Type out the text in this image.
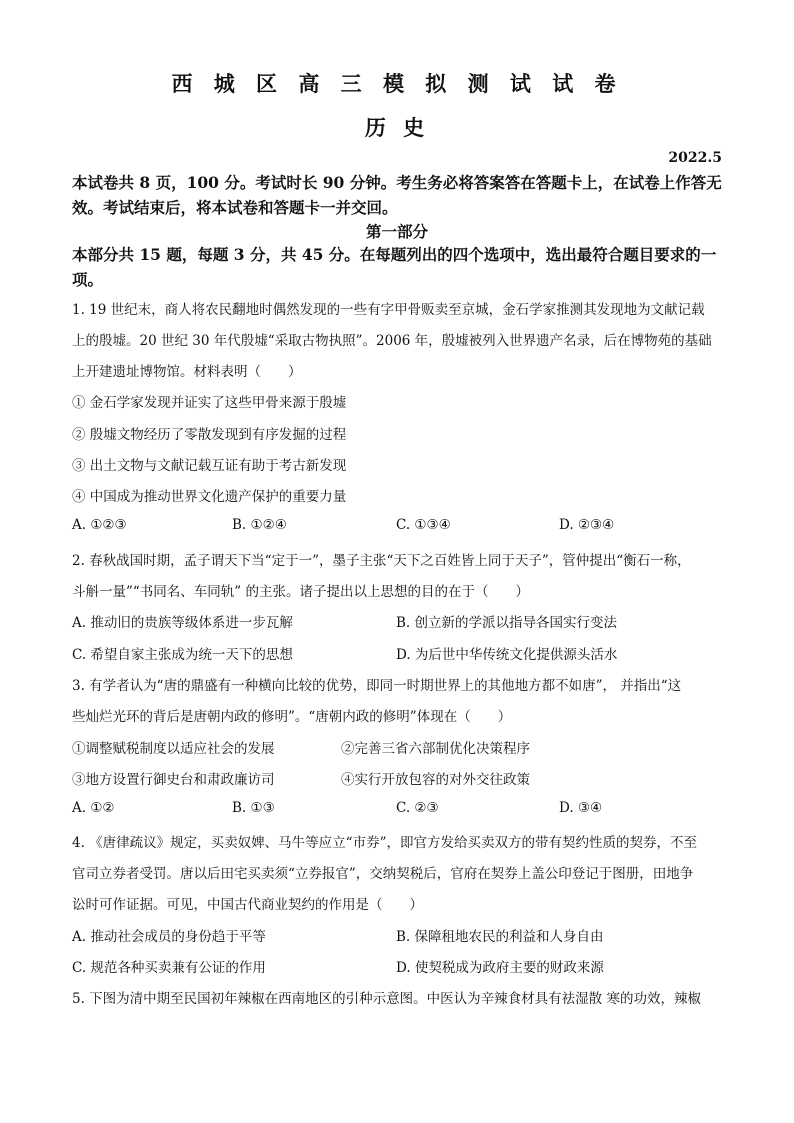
西 城 区 高 三 模 拟 测 试 试 卷
历 史
2022.5
本试卷共 8 页，100 分。考试时长 90 分钟。考生务必将答案答在答题卡上，在试卷上作答无效。考试结束后，将本试卷和答题卡一并交回。
第一部分
本部分共 15 题，每题 3 分，共 45 分。在每题列出的四个选项中，选出最符合题目要求的一项。
1. 19 世纪末，商人将农民翻地时偶然发现的一些有字甲骨贩卖至京城，金石学家推测其发现地为文献记载
上的殷墟。20 世纪 30 年代殷墟“采取古物执照”。2006 年，殷墟被列入世界遗产名录，后在博物苑的基础
上开建遗址博物馆。材料表明（　　）
① 金石学家发现并证实了这些甲骨来源于殷墟
② 殷墟文物经历了零散发现到有序发掘的过程
③ 出土文物与文献记载互证有助于考古新发现
④ 中国成为推动世界文化遗产保护的重要力量
A. ①②③	B. ①②④	C. ①③④	D. ②③④
2. 春秋战国时期，孟子谓天下当“定于一”，墨子主张“天下之百姓皆上同于天子”，管仲提出“衡石一称，
斗斛一量”“书同名、车同轨” 的主张。诸子提出以上思想的目的在于（　　）
A. 推动旧的贵族等级体系进一步瓦解	B. 创立新的学派以指导各国实行变法
C. 希望自家主张成为统一天下的思想	D. 为后世中华传统文化提供源头活水
3. 有学者认为“唐的鼎盛有一种横向比较的优势，即同一时期世界上的其他地方都不如唐”， 并指出“这
些灿烂光环的背后是唐朝内政的修明”。“唐朝内政的修明”体现在（　　）
①调整赋税制度以适应社会的发展	②完善三省六部制优化决策程序
③地方设置行御史台和肃政廉访司	④实行开放包容的对外交往政策
A. ①②	B. ①③	C. ②③	D. ③④
4. 《唐律疏议》规定，买卖奴婢、马牛等应立“市券”，即官方发给买卖双方的带有契约性质的契券，不至
官司立券者受罚。唐以后田宅买卖须“立券报官”，交纳契税后，官府在契券上盖公印登记于图册，田地争
讼时可作证据。可见，中国古代商业契约的作用是（　　）
A. 推动社会成员的身份趋于平等	B. 保障租地农民的利益和人身自由
C. 规范各种买卖兼有公证的作用	D. 使契税成为政府主要的财政来源
5. 下图为清中期至民国初年辣椒在西南地区的引种示意图。中医认为辛辣食材具有祛湿散 寒的功效，辣椒
